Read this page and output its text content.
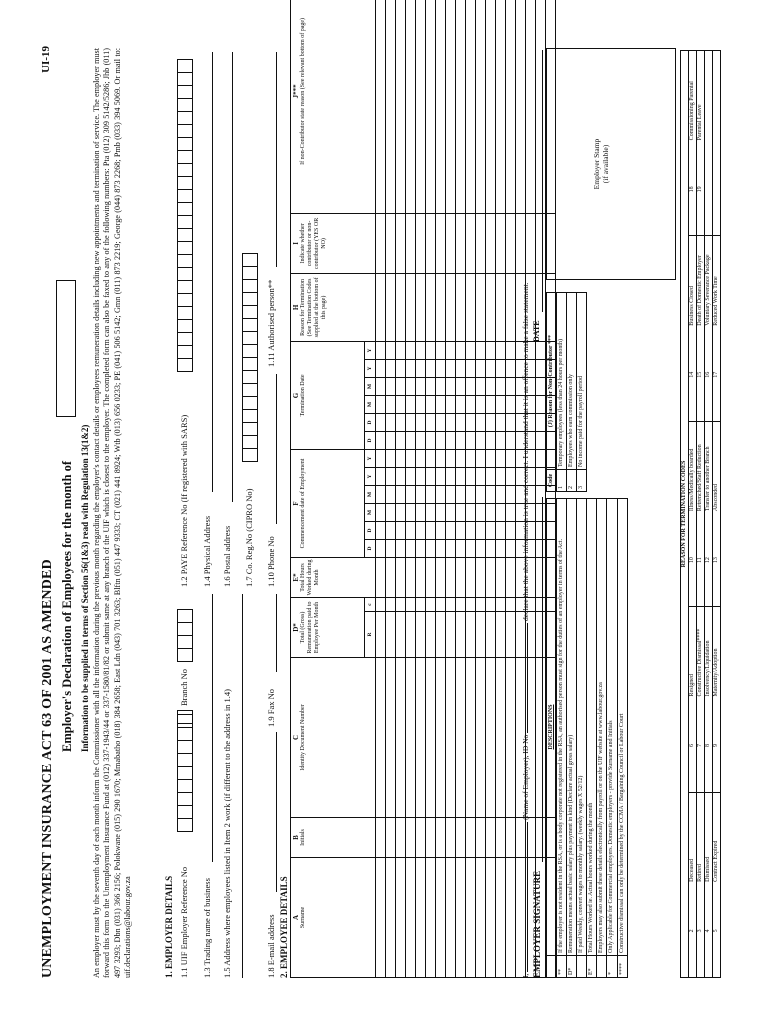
UI-19
UNEMPLOYMENT INSURANCE ACT 63 OF 2001 AS AMENDED Employer's Declaration of Employees for the month of Information to be supplied in terms of Section 56(1&3) read with Regulation 13(1&2) An employer must by the seventh day of each month inform the Commissioner with all the information during the previous month regarding the employer's contact details or employees remuneration details including new appointments and termination of service. The employer must forward this form to the Unemployment Insurance Fund at (012) 337-1943/44 or 337-1580/81/82 or submit same at any branch of the UIF which is closest to the employer. The completed form can also be faxed to any of the following numbers: Pta (012) 309 5142/5286; Jhb (011) 497 3293; Dbn (031) 366 2156; Polokwane (015) 290 1670; Mmabatho (018) 384 2658; East Ldn (043) 701 3263; Blftn (051) 447 9333; CT (021) 441 8924; Wtb (013) 656 0233; PE (041) 506 5142; Gmn (011) 873 2219; George (044) 873 2268; Pmb (033) 394 5069. Or mail to: uif.declarations@labour.gov.za	1. EMPLOYER DETAILS 1.1 UIF Employer Reference No
Branch No
1.2 PAYE Reference No (If registered with SARS)
1.3 Trading name of business
1.4 Physical Address
1.5 Address where employees listed in Item 2 work (if different to the address in 1.4)
1.6 Postal address 1.7 Co. Reg.No (CIPRO No)
1.8 E-mail address
1.9 Fax No
1.10 Phone No
1.11 Authorised person**
2. EMPLOYEE DETAILS A Surname	B Initials	C Identity Document Number	D* Total (Gross) Remuneration paid to Employee Per Month		E* Total Hours Worked during Month	F Commencement date of Employment						G Termination Date						H Reason for Termination (See Termination Codes supplied at the bottom of this page)	I Indicate whether contributor or non-contributor (YES OR NO)	J*** If non-Contributor state reason (See relevant bottom of page)
			R	c		D	D	M	M	Y	Y	D	D	M	M	Y	Y			

I,  (Name of Employer), ID No  declare that the above information is true and correct. I understand that it is an offence to make a false statement.
EMPLOYER SIGNATURE
DATE
	DESCRIPTIONS
**	If the employer is not resident in the RSA, or is a body corporate not registered in the RSA, an authorised person must sign for the duties of an employer in terms of the Act.
D*	Remuneration means actual basic salary plus payment in kind (Declare actual gross salary)
	If paid Weekly, convert wages to monthly salary. (weekly wages X 52/12)
E*	Total Hours Worked ie. Actual hours worked during the month
	Employers may also submit these details electronically from payroll or on the UIF website at www.labour.gov.za
*	Only Applicable for Commercial employers. Domestic employers - provide Surname and Initials
****	Constructive dismissal can only be determined by the CCMA / Bargaining Council or Labour Court
Code	(J) Reason for Non-Contributor ***
1	Temporary employees (less than 24 hours per month)
2	Employees who earn commission only
3	No income paid for the payroll period
Employer Stamp
(if available)
REASON FOR TERMINATION CODES									
2	Deceased	6	Resigned	10	Illness/Medically boarded	14	Business Closed	18	Commissioning Parental
3	Retired	7	Constructive Dismissal****	11	Retrenched/Staff Reduction	15	Death of Domestic Employer	19	Parental Leave
4	Dismissed	8	Insolvency/Liquidation	12	Transfer to another Branch	16	Voluntary Severance Package		
5	Contract Expired	9	Maternity/Adoption	13	Absconded	17	Reduced Work Time		
